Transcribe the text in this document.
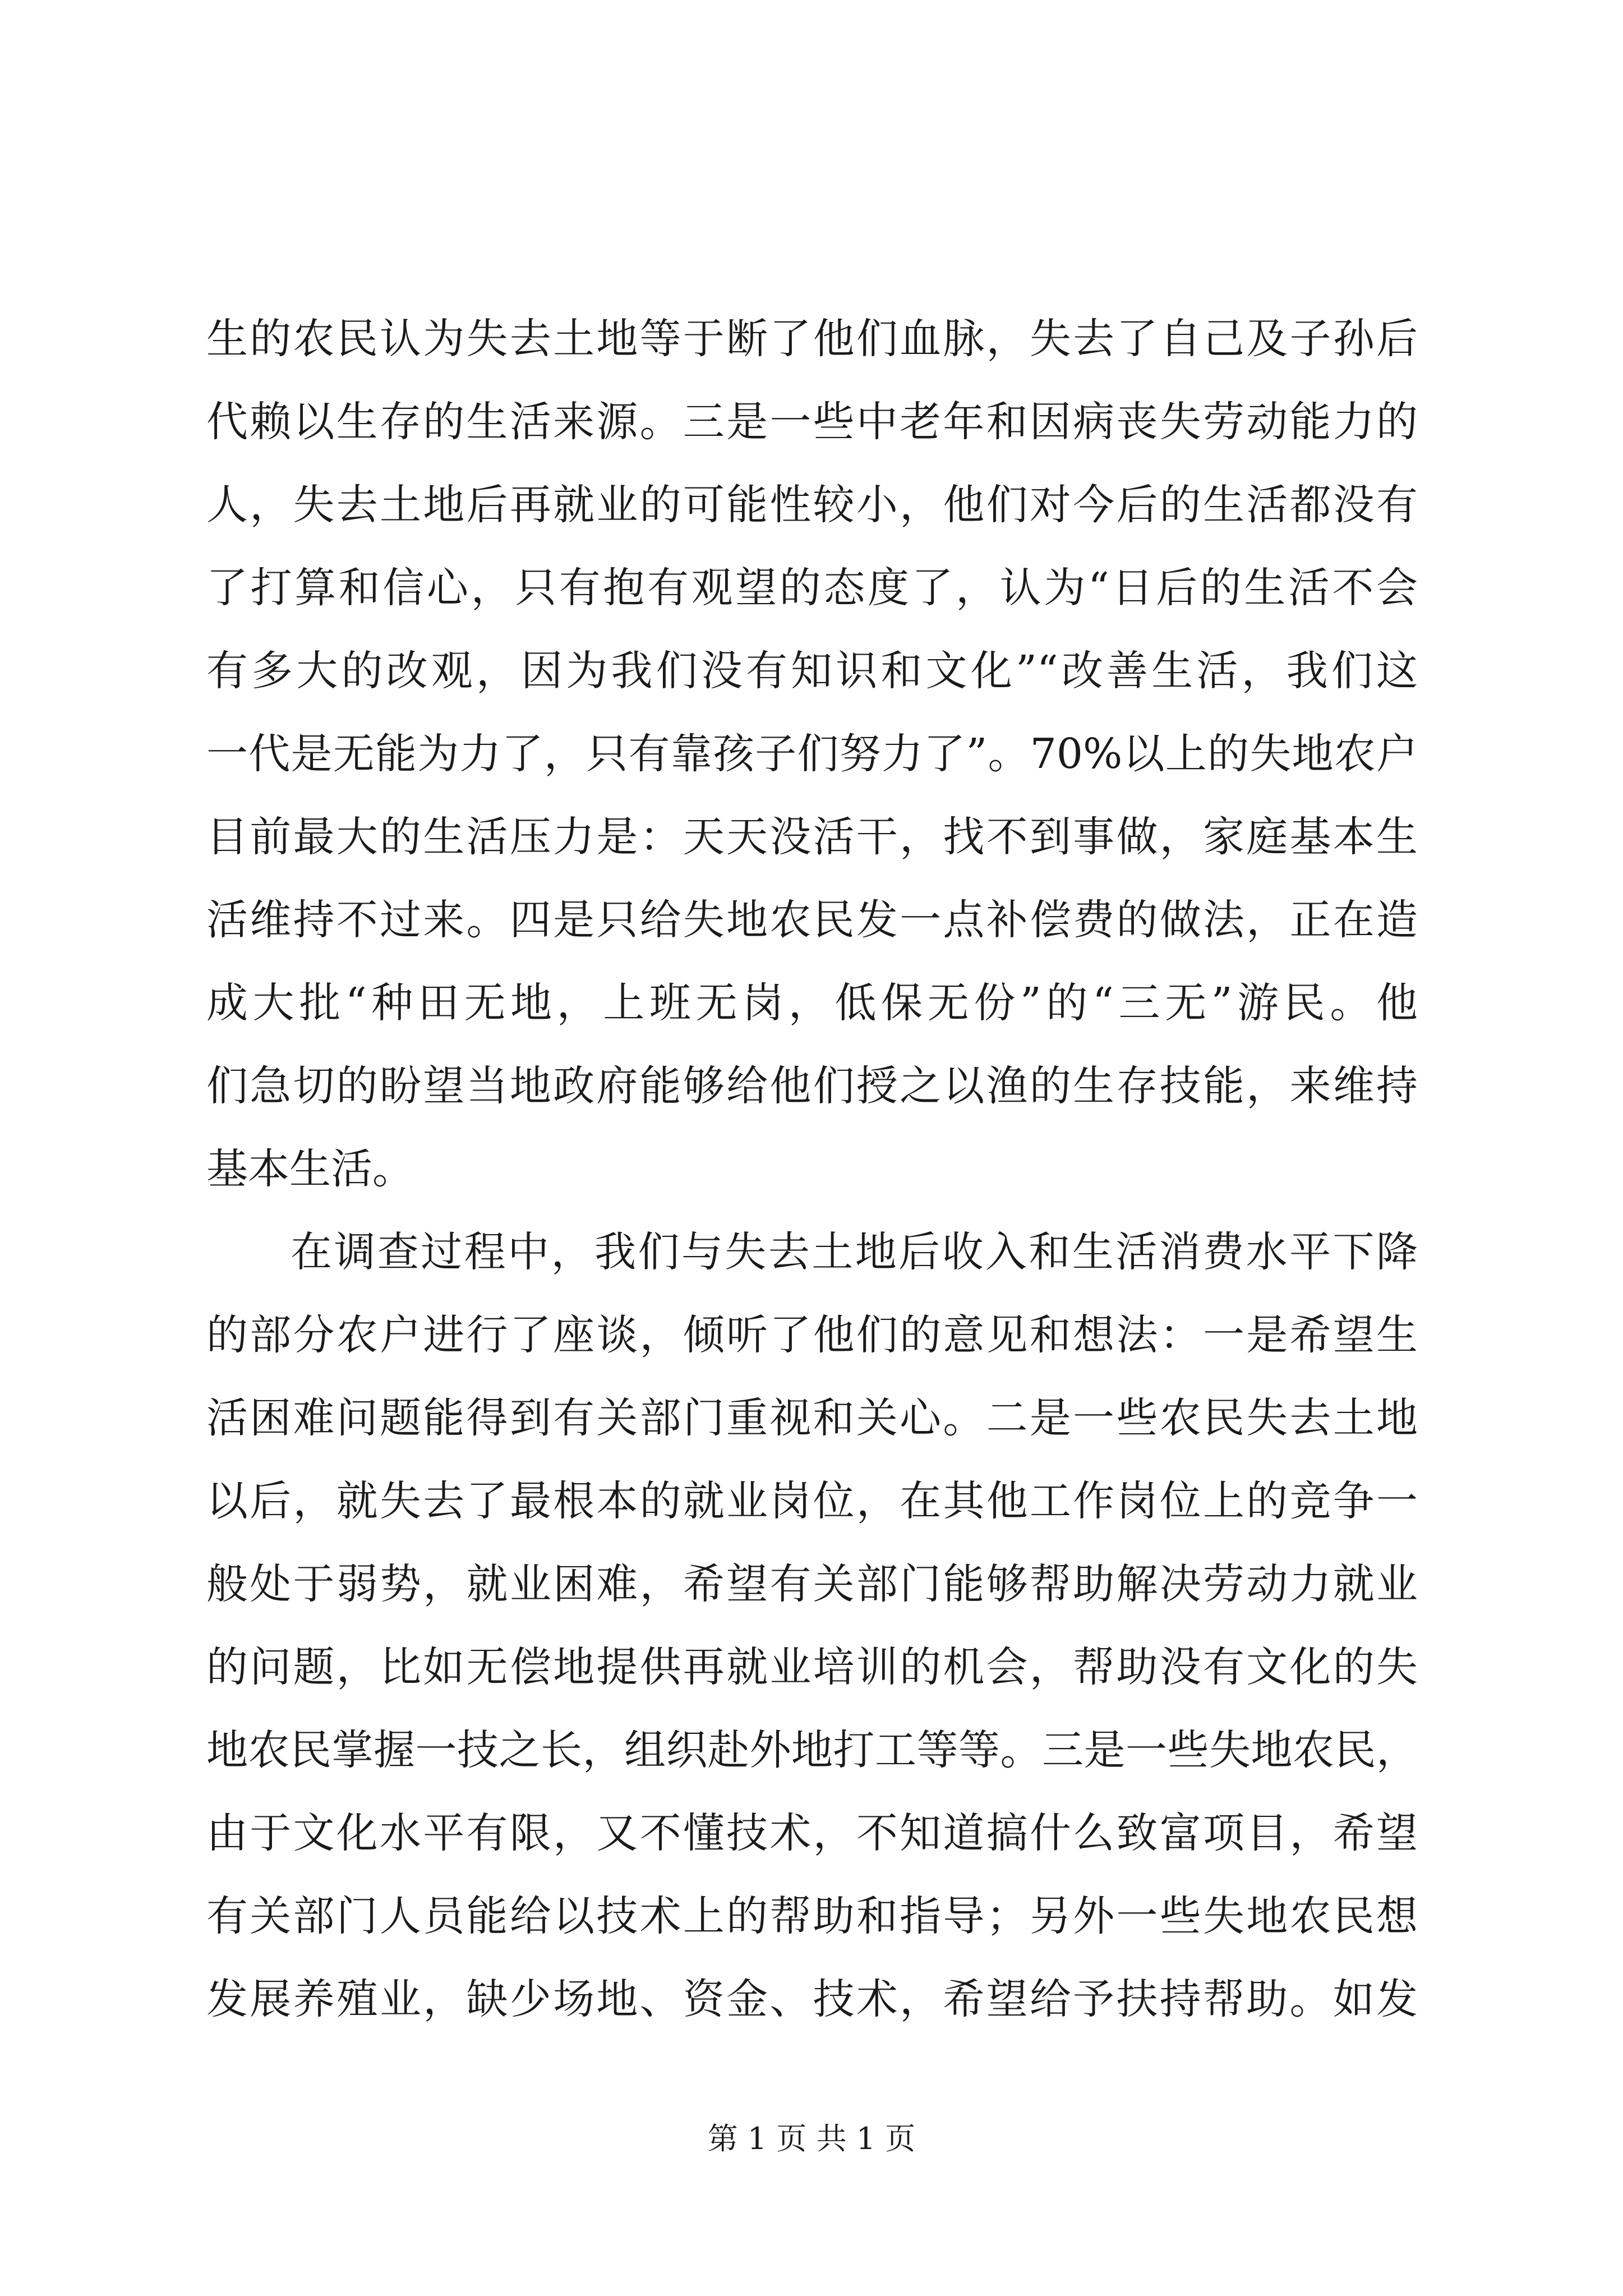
生的农民认为失去土地等于断了他们血脉，失去了自己及子孙后
代赖以生存的生活来源。三是一些中老年和因病丧失劳动能力的
人，失去土地后再就业的可能性较小，他们对今后的生活都没有
了打算和信心，只有抱有观望的态度了，认为“日后的生活不会
有多大的改观，因为我们没有知识和文化”“改善生活，我们这
一代是无能为力了，只有靠孩子们努力了”。70%以上的失地农户
目前最大的生活压力是：天天没活干，找不到事做，家庭基本生
活维持不过来。四是只给失地农民发一点补偿费的做法，正在造
成大批“种田无地，上班无岗，低保无份”的“三无”游民。他
们急切的盼望当地政府能够给他们授之以渔的生存技能，来维持
基本生活。
在调查过程中，我们与失去土地后收入和生活消费水平下降
的部分农户进行了座谈，倾听了他们的意见和想法：一是希望生
活困难问题能得到有关部门重视和关心。二是一些农民失去土地
以后，就失去了最根本的就业岗位，在其他工作岗位上的竞争一
般处于弱势，就业困难，希望有关部门能够帮助解决劳动力就业
的问题，比如无偿地提供再就业培训的机会，帮助没有文化的失
地农民掌握一技之长，组织赴外地打工等等。三是一些失地农民，
由于文化水平有限，又不懂技术，不知道搞什么致富项目，希望
有关部门人员能给以技术上的帮助和指导；另外一些失地农民想
发展养殖业，缺少场地、资金、技术，希望给予扶持帮助。如发
第 1 页 共 1 页
